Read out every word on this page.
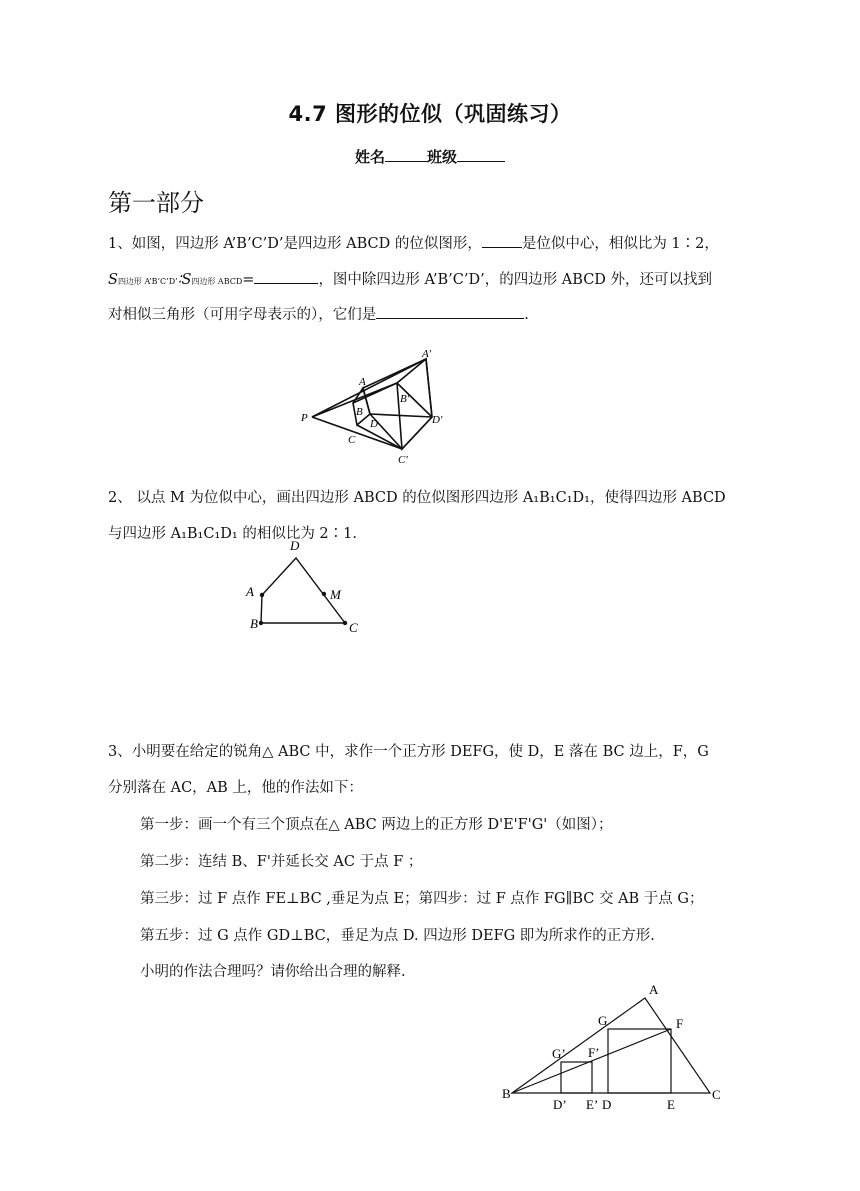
4.7 图形的位似（巩固练习）
姓名	班级
第一部分
1、如图，四边形 A’B’C’D’是四边形 ABCD 的位似图形，	是位似中心，相似比为 1∶2，
S四边形 A’B’C’D’∶S四边形 ABCD=	，图中除四边形 A’B’C’D’，的四边形 ABCD 外，还可以找到
对相似三角形（可用字母表示的），它们是	.
A′
A
B′
B
P	D	D′
C
C′
2、 以点 M 为位似中心，画出四边形 ABCD 的位似图形四边形 A₁B₁C₁D₁，使得四边形 ABCD
与四边形 A₁B₁C₁D₁ 的相似比为 2∶1.
D
A	M
B	C
3、小明要在给定的锐角△ ABC 中，求作一个正方形 DEFG，使 D，E 落在 BC 边上，F，G
分别落在 AC，AB 上，他的作法如下：
第一步：画一个有三个顶点在△ ABC 两边上的正方形 D'E'F'G'（如图）；
第二步：连结 B、F'并延长交 AC 于点 F ；
第三步：过 F 点作 FE⊥BC ,垂足为点 E；第四步：过 F 点作 FG∥BC 交 AB 于点 G；
第五步：过 G 点作 GD⊥BC，垂足为点 D. 四边形 DEFG 即为所求作的正方形.
小明的作法合理吗？请你给出合理的解释.
A
G	F
G’ F’
B	C
D’ E’ D	E
